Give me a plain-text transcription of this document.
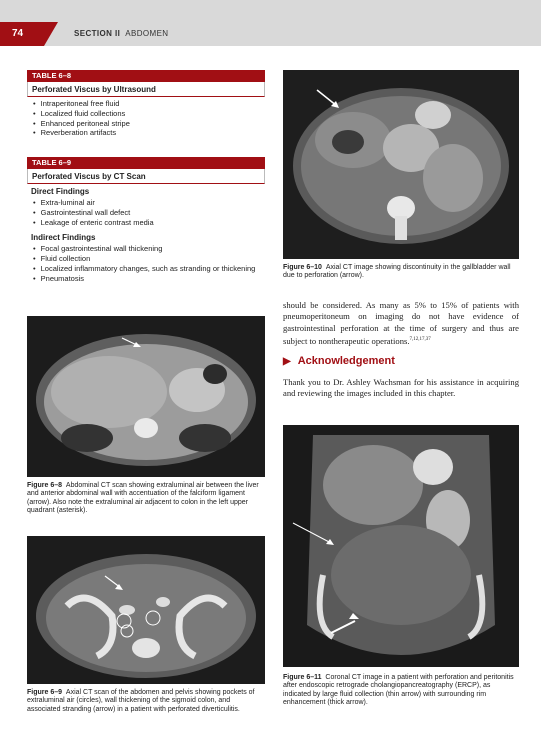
74	SECTION II ABDOMEN
TABLE 6–8
Perforated Viscus by Ultrasound
• Intraperitoneal free fluid
• Localized fluid collections
• Enhanced peritoneal stripe
• Reverberation artifacts
TABLE 6–9
Perforated Viscus by CT Scan
Direct Findings
• Extra-luminal air
• Gastrointestinal wall defect
• Leakage of enteric contrast media
Indirect Findings
• Focal gastrointestinal wall thickening
• Fluid collection
• Localized inflammatory changes, such as stranding or thickening
• Pneumatosis
Figure 6–10 Axial CT image showing discontinuity in the gallbladder wall due to perforation (arrow).
should be considered. As many as 5% to 15% of patients with pneumoperitoneum on imaging do not have evidence of gastrointestinal perforation at the time of surgery and thus are subject to nontherapeutic operations.$^{7,12,17,37}$
▶ Acknowledgement
Thank you to Dr. Ashley Wachsman for his assistance in acquiring and reviewing the images included in this chapter.
Figure 6–8 Abdominal CT scan showing extraluminal air between the liver and anterior abdominal wall with accentuation of the falciform ligament (arrow). Also note the extraluminal air adjacent to colon in the left upper quadrant (asterisk).
Figure 6–9 Axial CT scan of the abdomen and pelvis showing pockets of extraluminal air (circles), wall thickening of the sigmoid colon, and associated stranding (arrow) in a patient with perforated diverticulitis.
Figure 6–11 Coronal CT image in a patient with perforation and peritonitis after endoscopic retrograde cholangiopancreatography (ERCP), as indicated by large fluid collection (thin arrow) with surrounding rim enhancement (thick arrow).
